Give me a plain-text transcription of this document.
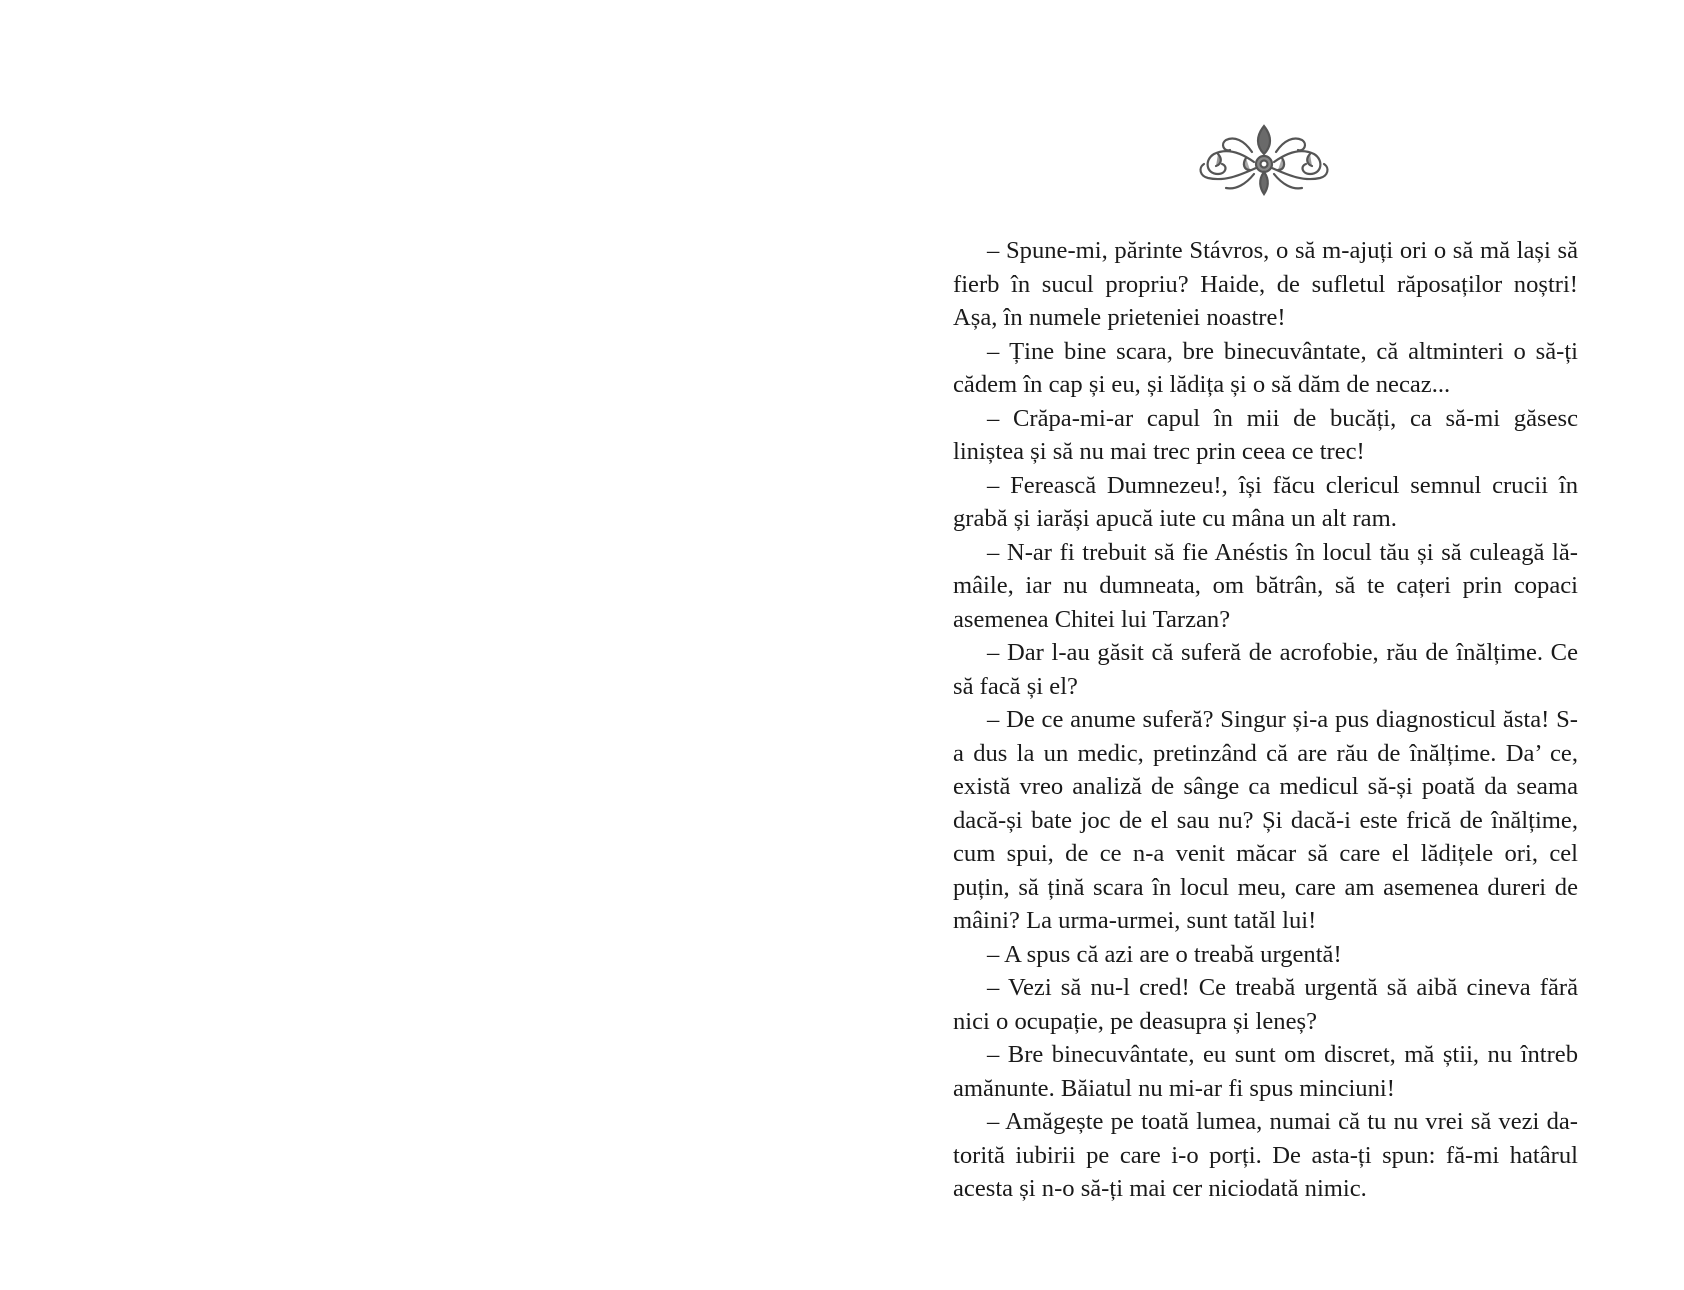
– Spune-mi, părinte Stávros, o să m-ajuți ori o să mă lași să fierb în sucul propriu? Haide, de sufletul răposaților noștri! Așa, în numele prieteniei noastre!

– Ține bine scara, bre binecuvântate, că altminteri o să-ți cădem în cap și eu, și lădița și o să dăm de necaz...

– Crăpa-mi-ar capul în mii de bucăți, ca să-mi găsesc liniștea și să nu mai trec prin ceea ce trec!

– Ferească Dumnezeu!, își făcu clericul semnul crucii în grabă și iarăși apucă iute cu mâna un alt ram.

– N-ar fi trebuit să fie Anéstis în locul tău și să culeagă lămâile, iar nu dumneata, om bătrân, să te cațeri prin copaci asemenea Chitei lui Tarzan?

– Dar l-au găsit că suferă de acrofobie, rău de înălțime. Ce să facă și el?

– De ce anume suferă? Singur și-a pus diagnosticul ăsta! S-a dus la un medic, pretinzând că are rău de înălțime. Da’ ce, există vreo analiză de sânge ca medicul să-și poată da seama dacă-și bate joc de el sau nu? Și dacă-i este frică de înălțime, cum spui, de ce n-a venit măcar să care el lădițele ori, cel puțin, să țină scara în locul meu, care am asemenea dureri de mâini? La urma-urmei, sunt tatăl lui!

– A spus că azi are o treabă urgentă!

– Vezi să nu-l cred! Ce treabă urgentă să aibă cineva fără nici o ocupație, pe deasupra și leneș?

– Bre binecuvântate, eu sunt om discret, mă știi, nu întreb amănunte. Băiatul nu mi-ar fi spus minciuni!

– Amăgește pe toată lumea, numai că tu nu vrei să vezi datorită iubirii pe care i-o porți. De asta-ți spun: fă-mi hatârul acesta și n-o să-ți mai cer niciodată nimic.
